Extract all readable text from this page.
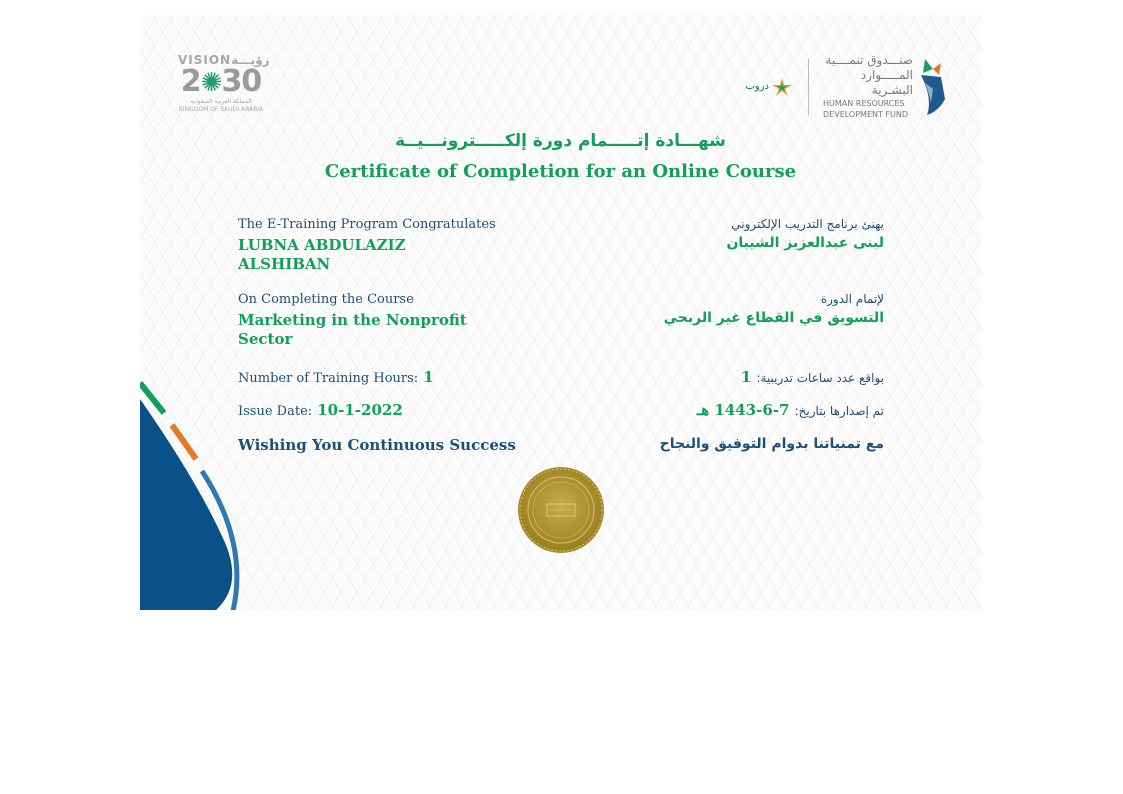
VISION رؤيـــة
2✺30
المملكة العربية السعودية
KINGDOM OF SAUDI ARABIA
دروب
صنـــدوق تنمــــية المـــــوارد البشـرية
HUMAN RESOURCES
DEVELOPMENT FUND
شهـــادة إتـــــمام دورة إلكـــــترونـــيــة
Certificate of Completion for an Online Course
The E-Training Program Congratulates
LUBNA ABDULAZIZ ALSHIBAN
يهنئ برنامج التدريب الإلكتروني
لبنى عبدالعزيز الشيبان
On Completing the Course
Marketing in the Nonprofit Sector
لإتمام الدورة
التسويق في القطاع غير الربحي
Number of Training Hours: 1	بواقع عدد ساعات تدريبية: 1
Issue Date: 10-1-2022	تم إصدارها بتاريخ: 7-6-1443 هـ
Wishing You Continuous Success	مع تمنياتنا بدوام التوفيق والنجاح
